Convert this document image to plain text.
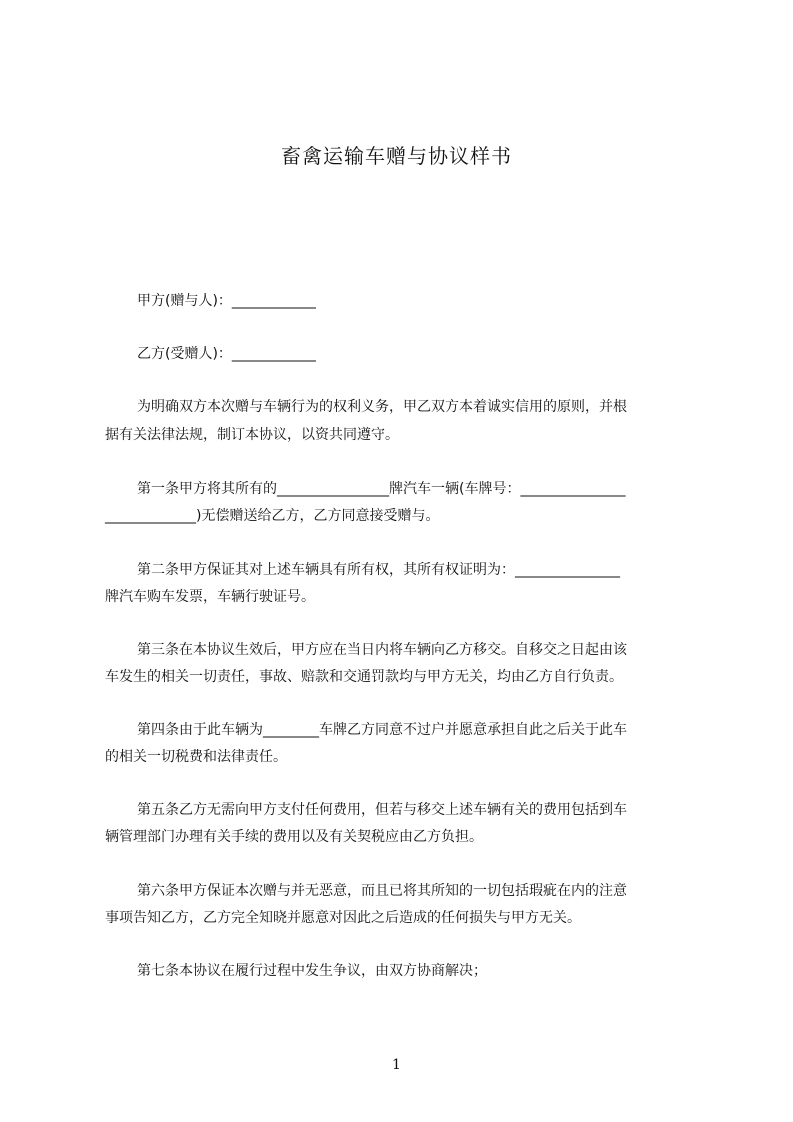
畜禽运输车赠与协议样书
甲方(赠与人)：____________
乙方(受赠人)：____________
为明确双方本次赠与车辆行为的权利义务，甲乙双方本着诚实信用的原则，并根
据有关法律法规，制订本协议，以资共同遵守。
第一条甲方将其所有的________________牌汽车一辆(车牌号：_______________
_____________)无偿赠送给乙方，乙方同意接受赠与。
第二条甲方保证其对上述车辆具有所有权，其所有权证明为：_______________
牌汽车购车发票，车辆行驶证号。
第三条在本协议生效后，甲方应在当日内将车辆向乙方移交。自移交之日起由该
车发生的相关一切责任，事故、赔款和交通罚款均与甲方无关，均由乙方自行负责。
第四条由于此车辆为________车牌乙方同意不过户并愿意承担自此之后关于此车
的相关一切税费和法律责任。
第五条乙方无需向甲方支付任何费用，但若与移交上述车辆有关的费用包括到车
辆管理部门办理有关手续的费用以及有关契税应由乙方负担。
第六条甲方保证本次赠与并无恶意，而且已将其所知的一切包括瑕疵在内的注意
事项告知乙方，乙方完全知晓并愿意对因此之后造成的任何损失与甲方无关。
第七条本协议在履行过程中发生争议，由双方协商解决；
1
